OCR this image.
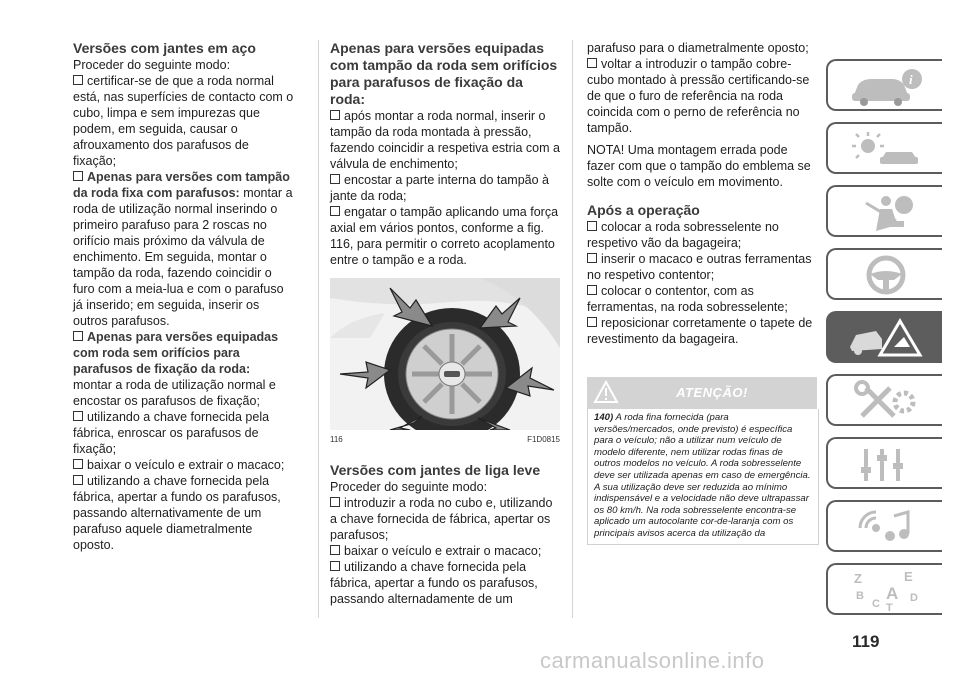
Versões com jantes em aço

Proceder do seguinte modo:

certificar-se de que a roda normal está, nas superfícies de contacto com o cubo, limpa e sem impurezas que podem, em seguida, causar o afrouxamento dos parafusos de fixação;

Apenas para versões com tampão da roda fixa com parafusos: montar a roda de utilização normal inserindo o primeiro parafuso para 2 roscas no orifício mais próximo da válvula de enchimento. Em seguida, montar o tampão da roda, fazendo coincidir o furo com a meia-lua e com o parafuso já inserido; em seguida, inserir os outros parafusos.

Apenas para versões equipadas com roda sem orifícios para parafusos de fixação da roda:
montar a roda de utilização normal e encostar os parafusos de fixação;

utilizando a chave fornecida pela fábrica, enroscar os parafusos de fixação;

baixar o veículo e extrair o macaco;

utilizando a chave fornecida pela fábrica, apertar a fundo os parafusos, passando alternativamente de um parafuso aquele diametralmente oposto.

Apenas para versões equipadas com tampão da roda sem orifícios para parafusos de fixação da roda:

após montar a roda normal, inserir o tampão da roda montada à pressão, fazendo coincidir a respetiva estria com a válvula de enchimento;

encostar a parte interna do tampão à jante da roda;

engatar o tampão aplicando uma força axial em vários pontos, conforme a fig. 116, para permitir o correto acoplamento entre o tampão e a roda.

116	F1D0815
Versões com jantes de liga leve

Proceder do seguinte modo:

introduzir a roda no cubo e, utilizando a chave fornecida de fábrica, apertar os parafusos;

baixar o veículo e extrair o macaco;

utilizando a chave fornecida pela fábrica, apertar a fundo os parafusos, passando alternadamente de um

parafuso para o diametralmente oposto;

voltar a introduzir o tampão cobre-cubo montado à pressão certificando-se de que o furo de referência na roda coincida com o perno de referência no tampão.

NOTA! Uma montagem errada pode fazer com que o tampão do emblema se solte com o veículo em movimento.

Após a operação

colocar a roda sobresselente no respetivo vão da bagageira;

inserir o macaco e outras ferramentas no respetivo contentor;

colocar o contentor, com as ferramentas, na roda sobresselente;

reposicionar corretamente o tapete de revestimento da bagageira.

ATENÇÃO!
140) A roda fina fornecida (para versões/mercados, onde previsto) é específica para o veículo; não a utilizar num veículo de modelo diferente, nem utilizar rodas finas de outros modelos no veículo. A roda sobresselente deve ser utilizada apenas em caso de emergência. A sua utilização deve ser reduzida ao mínimo indispensável e a velocidade não deve ultrapassar os 80 km/h. Na roda sobresselente encontra-se aplicado um autocolante cor-de-laranja com os principais avisos acerca da utilização da
i
Z	E
B A
C	D
T
119
carmanualsonline.info
